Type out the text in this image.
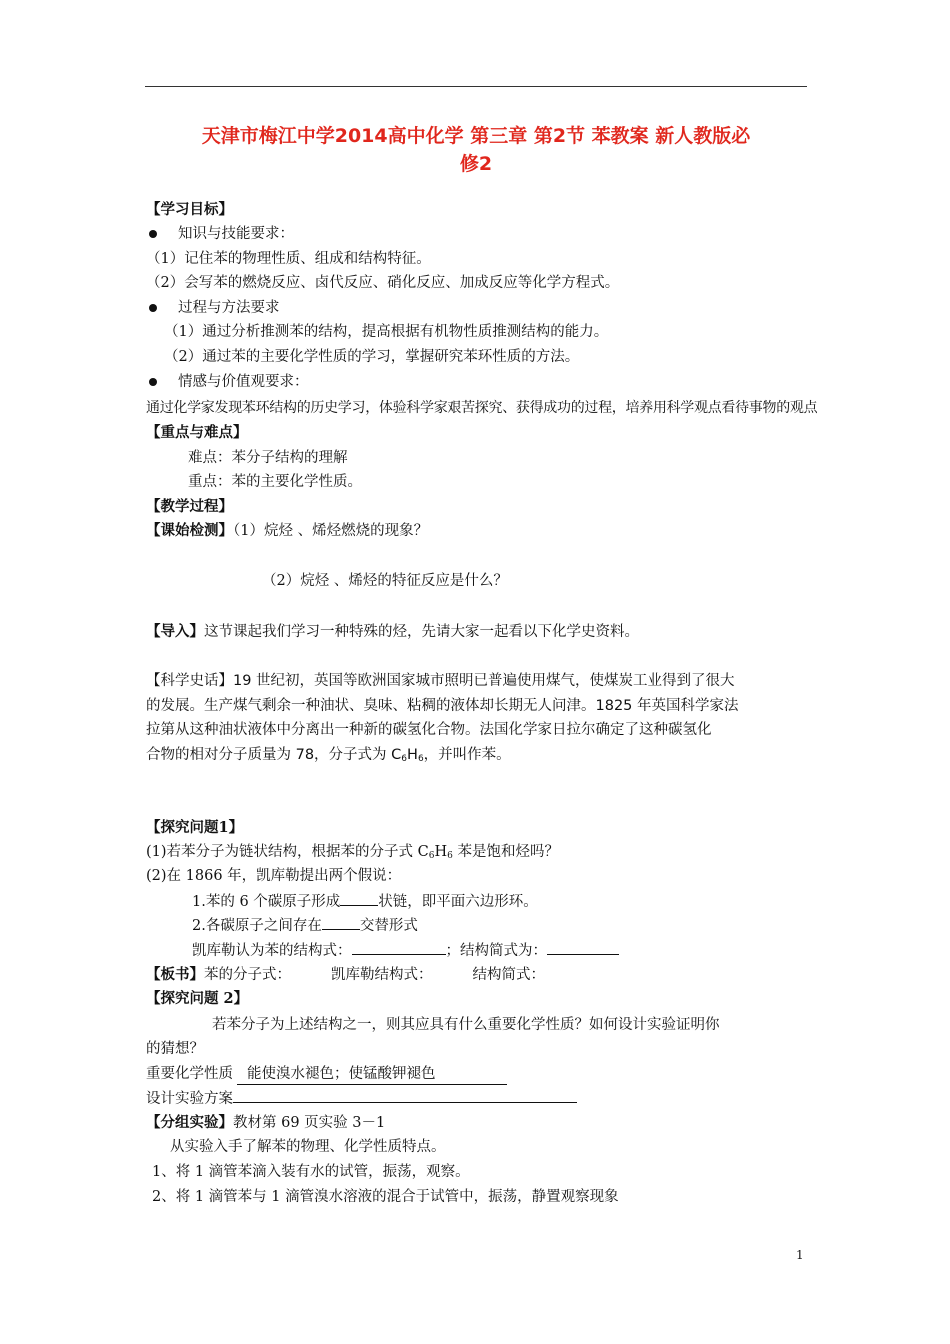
天津市梅江中学2014高中化学 第三章 第2节 苯教案 新人教版必
修2
【学习目标】
知识与技能要求：
（1）记住苯的物理性质、组成和结构特征。
（2）会写苯的燃烧反应、卤代反应、硝化反应、加成反应等化学方程式。
过程与方法要求
（1）通过分析推测苯的结构，提高根据有机物性质推测结构的能力。
（2）通过苯的主要化学性质的学习，掌握研究苯环性质的方法。
情感与价值观要求：
通过化学家发现苯环结构的历史学习，体验科学家艰苦探究、获得成功的过程，培养用科学观点看待事物的观点
【重点与难点】
难点：苯分子结构的理解
重点：苯的主要化学性质。
【教学过程】
【课始检测】（1）烷烃 、烯烃燃烧的现象？
（2）烷烃 、烯烃的特征反应是什么？
【导入】这节课起我们学习一种特殊的烃，先请大家一起看以下化学史资料。
【科学史话】19 世纪初，英国等欧洲国家城市照明已普遍使用煤气，使煤炭工业得到了很大
的发展。生产煤气剩余一种油状、臭味、粘稠的液体却长期无人问津。1825 年英国科学家法
拉第从这种油状液体中分离出一种新的碳氢化合物。法国化学家日拉尔确定了这种碳氢化
合物的相对分子质量为 78，分子式为 $C_6H_6$，并叫作苯。
【探究问题1】
(1)若苯分子为链状结构，根据苯的分子式 $C_6H_6$ 苯是饱和烃吗？
(2)在 1866 年，凯库勒提出两个假说：
1.苯的 6 个碳原子形成	状链，即平面六边形环。
2.各碳原子之间存在	交替形式
凯库勒认为苯的结构式：	；结构简式为：
【板书】苯的分子式：	凯库勒结构式：	结构简式：
【探究问题 2】
若苯分子为上述结构之一，则其应具有什么重要化学性质？如何设计实验证明你
的猜想？
重要化学性质 能使溴水褪色；使锰酸钾褪色
设计实验方案
【分组实验】教材第 69 页实验 3－1
从实验入手了解苯的物理、化学性质特点。
1、将 1 滴管苯滴入装有水的试管，振荡，观察。
2、将 1 滴管苯与 1 滴管溴水溶液的混合于试管中，振荡，静置观察现象
1
